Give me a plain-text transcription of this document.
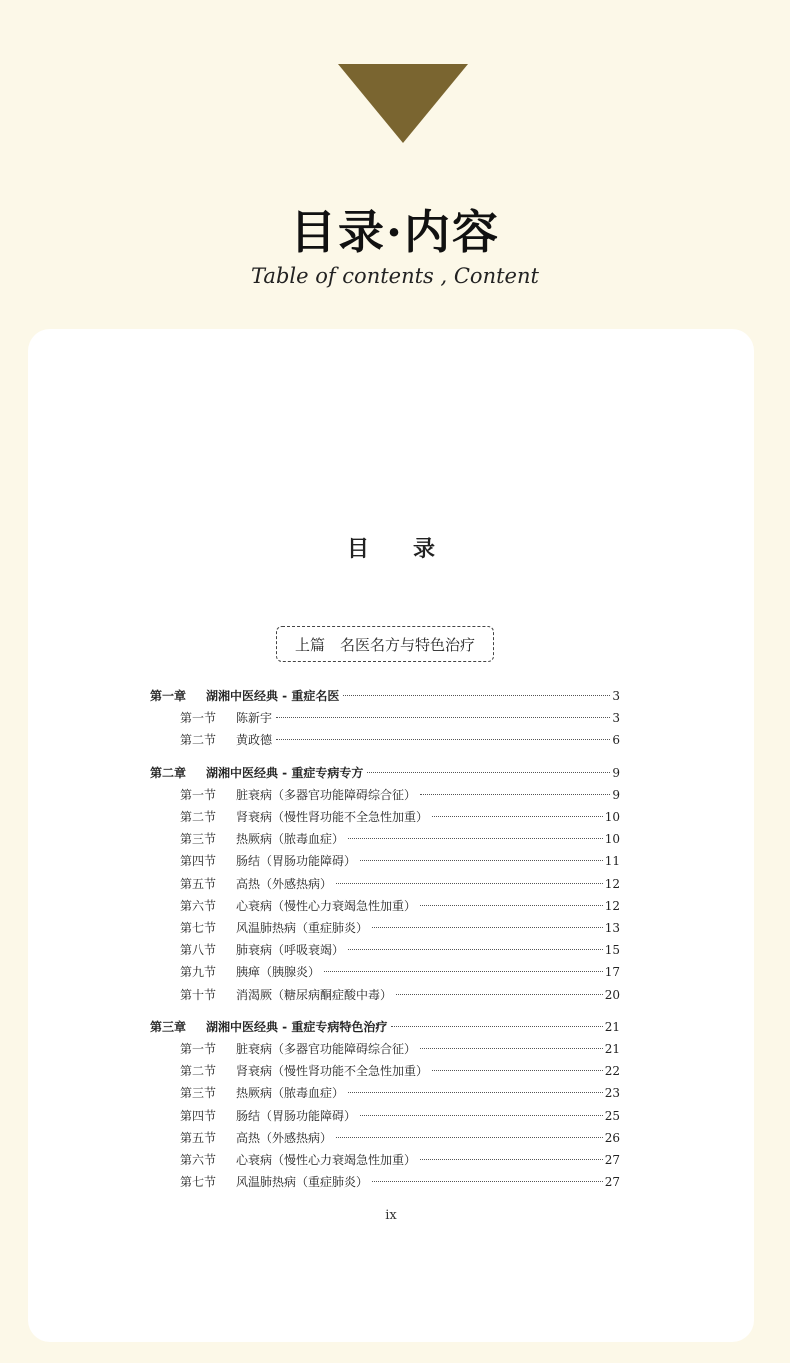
目录·内容
Table of contents , Content
目　　录
上篇　名医名方与特色治疗
第一章	湖湘中医经典 - 重症名医	3
第一节	陈新宇	3
第二节	黄政德	6
第二章	湖湘中医经典 - 重症专病专方	9
第一节	脏衰病（多器官功能障碍综合征）	9
第二节	肾衰病（慢性肾功能不全急性加重）	10
第三节	热厥病（脓毒血症）	10
第四节	肠结（胃肠功能障碍）	11
第五节	高热（外感热病）	12
第六节	心衰病（慢性心力衰竭急性加重）	12
第七节	风温肺热病（重症肺炎）	13
第八节	肺衰病（呼吸衰竭）	15
第九节	胰瘅（胰腺炎）	17
第十节	消渴厥（糖尿病酮症酸中毒）	20
第三章	湖湘中医经典 - 重症专病特色治疗	21
第一节	脏衰病（多器官功能障碍综合征）	21
第二节	肾衰病（慢性肾功能不全急性加重）	22
第三节	热厥病（脓毒血症）	23
第四节	肠结（胃肠功能障碍）	25
第五节	高热（外感热病）	26
第六节	心衰病（慢性心力衰竭急性加重）	27
第七节	风温肺热病（重症肺炎）	27
ix
